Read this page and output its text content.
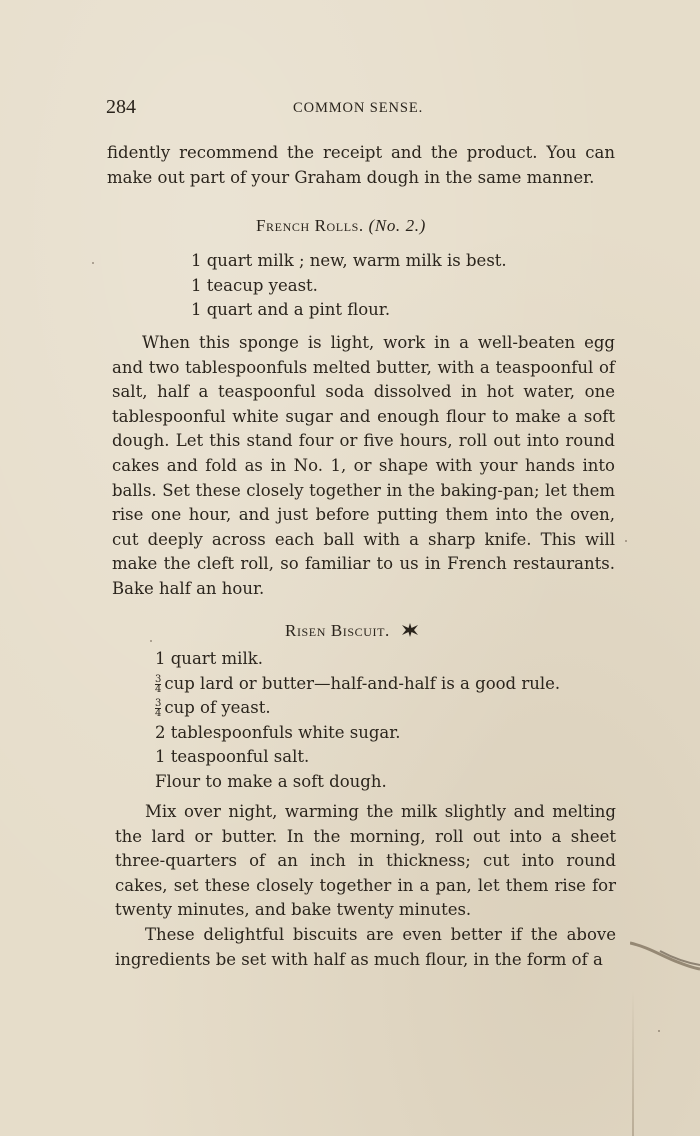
284	COMMON SENSE.

fidently recommend the receipt and the product. You can make out part of your Graham dough in the same manner.

French Rolls. (No. 2.)
1 quart milk ; new, warm milk is best.
1 teacup yeast.
1 quart and a pint flour.

When this sponge is light, work in a well-beaten egg and two tablespoonfuls melted butter, with a teaspoonful of salt, half a teaspoonful soda dissolved in hot water, one tablespoonful white sugar and enough flour to make a soft dough. Let this stand four or five hours, roll out into round cakes and fold as in No. 1, or shape with your hands into balls. Set these closely together in the baking-pan; let them rise one hour, and just before putting them into the oven, cut deeply across each ball with a sharp knife. This will make the cleft roll, so familiar to us in French restaurants. Bake half an hour.

Risen Biscuit.
1 quart milk.
$\frac{3}{4}$ cup lard or butter—half-and-half is a good rule.
$\frac{3}{4}$ cup of yeast.
2 tablespoonfuls white sugar.
1 teaspoonful salt.
Flour to make a soft dough.

Mix over night, warming the milk slightly and melting the lard or butter. In the morning, roll out into a sheet three-quarters of an inch in thickness; cut into round cakes, set these closely together in a pan, let them rise for twenty minutes, and bake twenty minutes.

These delightful biscuits are even better if the above ingredients be set with half as much flour, in the form of a
